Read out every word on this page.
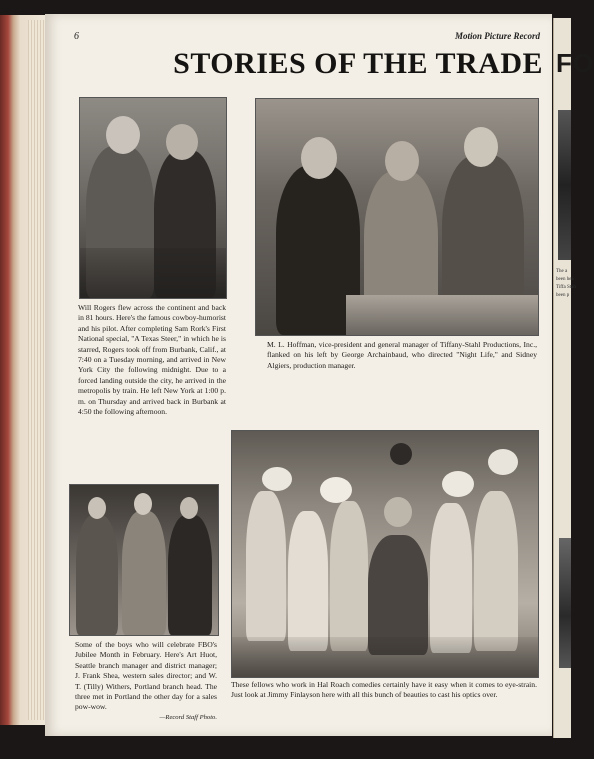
6	Motion Picture Record
STORIES OF THE TRADE
Will Rogers flew across the continent and back in 81 hours. Here's the famous cowboy-humorist and his pilot. After completing Sam Rork's First National special, "A Texas Steer," in which he is starred, Rogers took off from Burbank, Calif., at 7:40 on a Tuesday morning, and arrived in New York City the following midnight. Due to a forced landing outside the city, he arrived in the metropolis by train. He left New York at 1:00 p. m. on Thursday and arrived back in Burbank at 4:50 the following afternoon.
M. L. Hoffman, vice-president and general manager of Tiffany-Stahl Productions, Inc., flanked on his left by George Archainbaud, who directed "Night Life," and Sidney Algiers, production manager.
Some of the boys who will celebrate FBO's Jubilee Month in February. Here's Art Huot, Seattle branch manager and district manager; J. Frank Shea, western sales director; and W. T. (Tilly) Withers, Portland branch head. The three met in Portland the other day for a sales pow-wow.
—Record Staff Photo.
These fellows who work in Hal Roach comedies certainly have it easy when it comes to eye-strain. Just look at Jimmy Finlayson here with all this bunch of beauties to cast his optics over.
FO
The a
been hea
Tiffa Stah
been p
